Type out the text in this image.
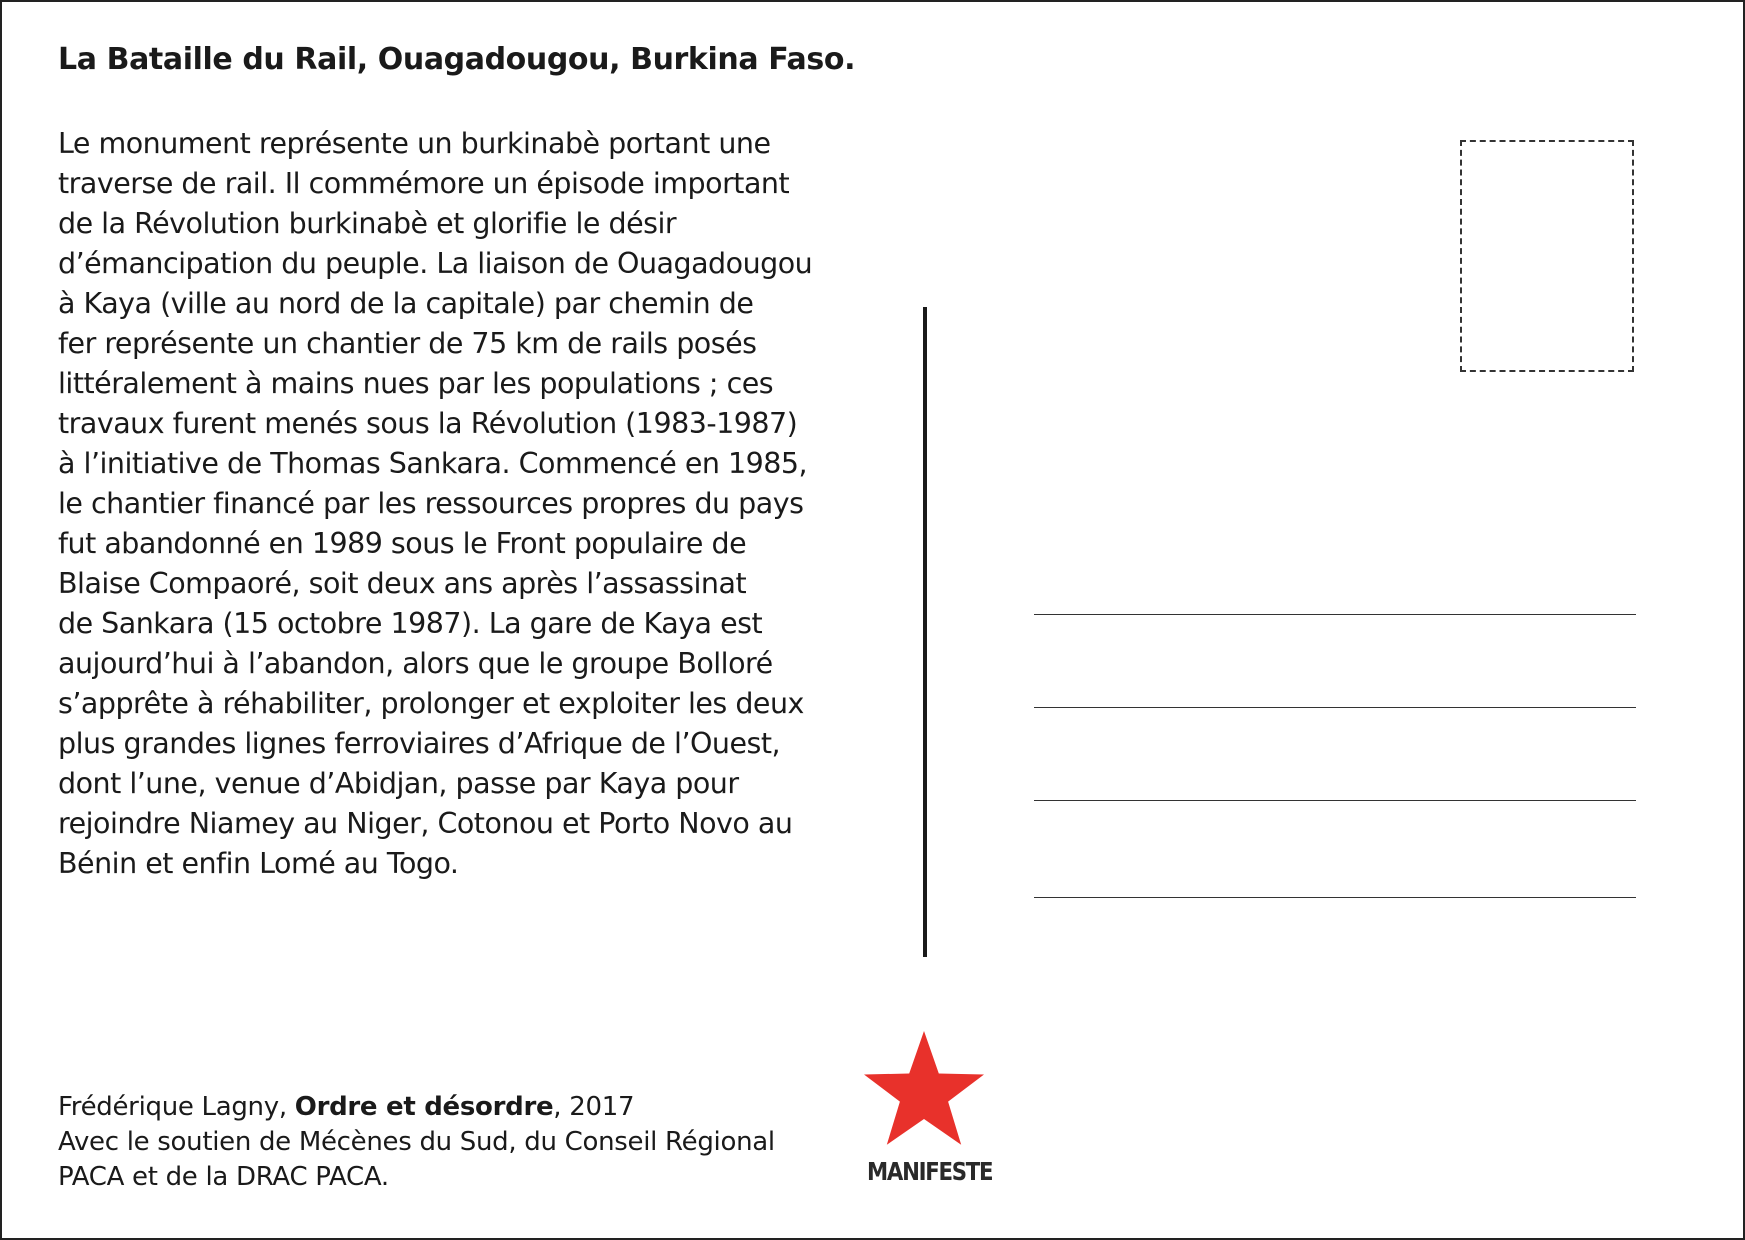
La Bataille du Rail, Ouagadougou, Burkina Faso.
Le monument représente un burkinabè portant une
traverse de rail. Il commémore un épisode important
de la Révolution burkinabè et glorifie le désir
d’émancipation du peuple. La liaison de Ouagadougou
à Kaya (ville au nord de la capitale) par chemin de
fer représente un chantier de 75 km de rails posés
littéralement à mains nues par les populations ; ces
travaux furent menés sous la Révolution (1983-1987)
à l’initiative de Thomas Sankara. Commencé en 1985,
le chantier financé par les ressources propres du pays
fut abandonné en 1989 sous le Front populaire de
Blaise Compaoré, soit deux ans après l’assassinat
de Sankara (15 octobre 1987). La gare de Kaya est
aujourd’hui à l’abandon, alors que le groupe Bolloré
s’apprête à réhabiliter, prolonger et exploiter les deux
plus grandes lignes ferroviaires d’Afrique de l’Ouest,
dont l’une, venue d’Abidjan, passe par Kaya pour
rejoindre Niamey au Niger, Cotonou et Porto Novo au
Bénin et enfin Lomé au Togo.
Frédérique Lagny, Ordre et désordre, 2017
Avec le soutien de Mécènes du Sud, du Conseil Régional
PACA et de la DRAC PACA.	MANIFESTE
